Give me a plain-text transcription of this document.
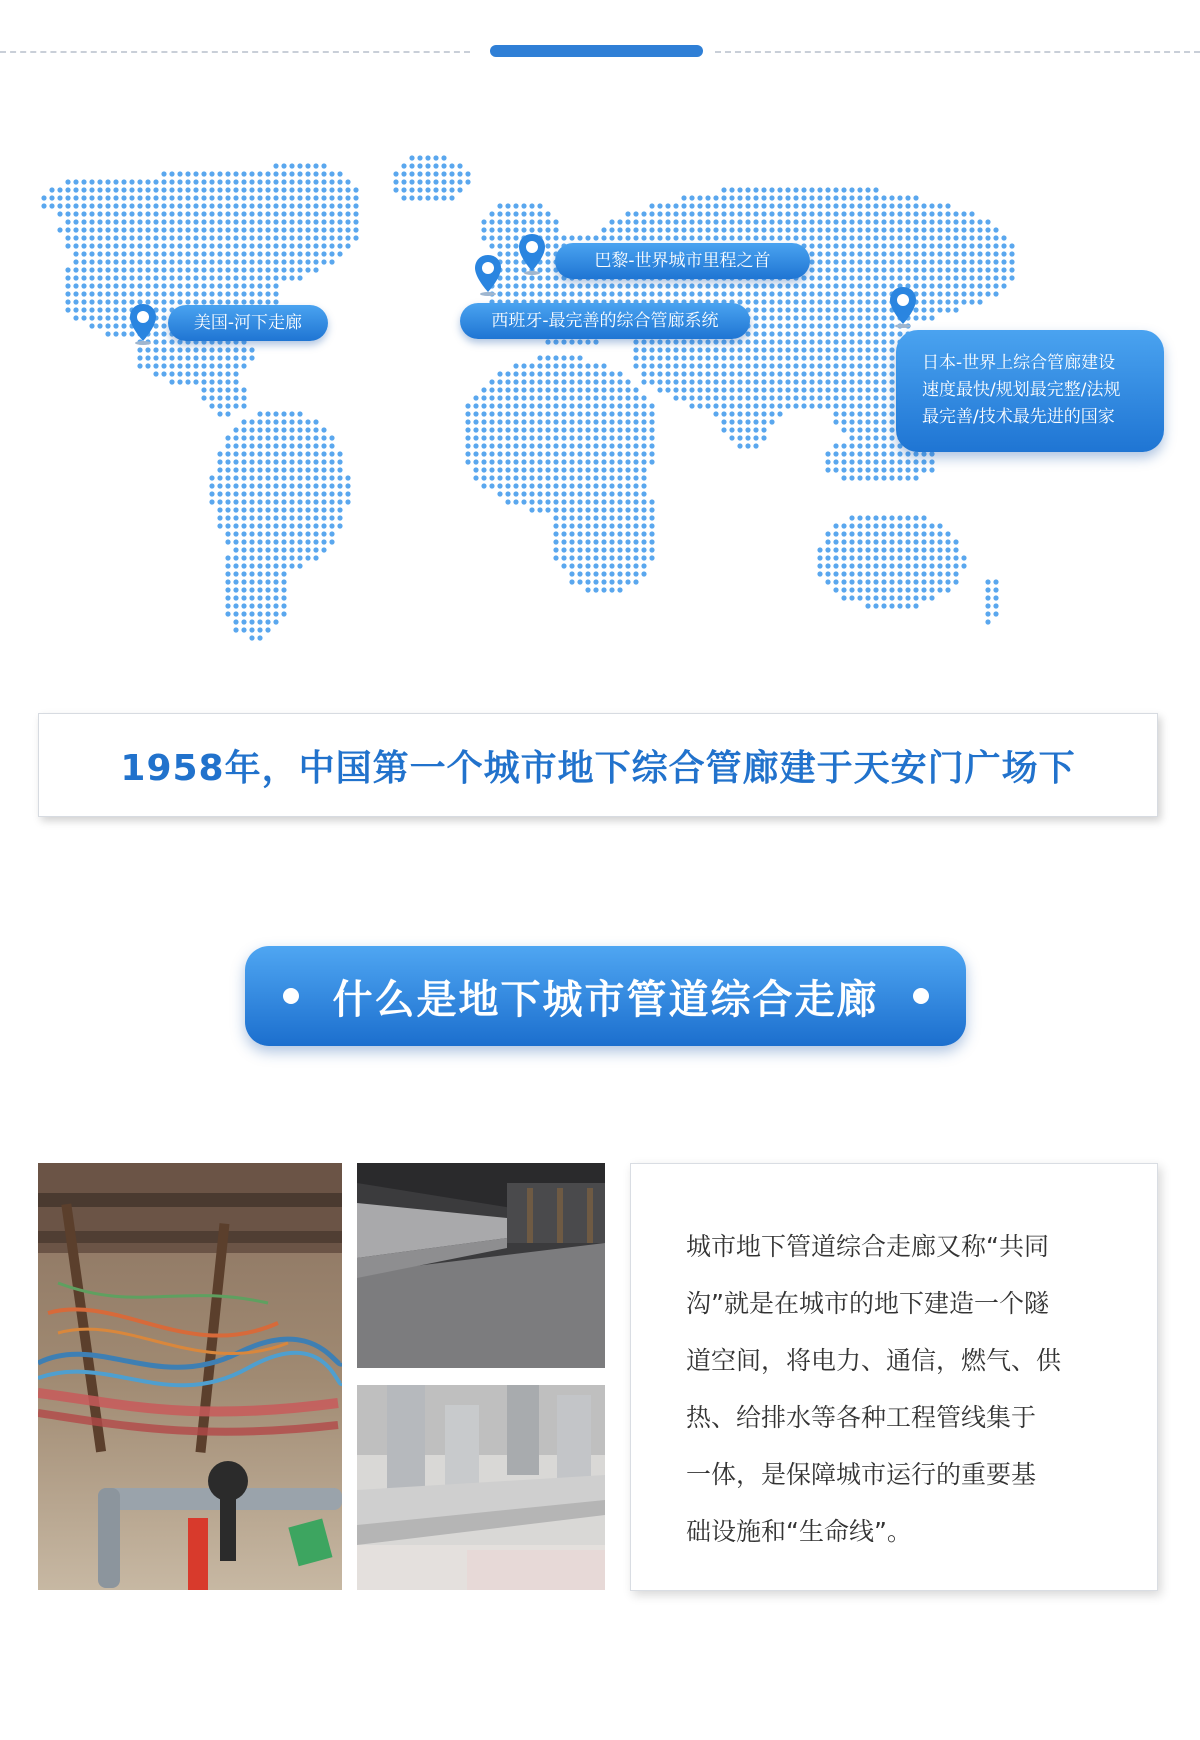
美国-河下走廊	西班牙-最完善的综合管廊系统
巴黎-世界城市里程之首
日本-世界上综合管廊建设
速度最快/规划最完整/法规
最完善/技术最先进的国家
1958年，中国第一个城市地下综合管廊建于天安门广场下
什么是地下城市管道综合走廊
城市地下管道综合走廊又称“共同
沟”就是在城市的地下建造一个隧
道空间，将电力、通信，燃气、供
热、给排水等各种工程管线集于
一体，是保障城市运行的重要基
础设施和“生命线”。
